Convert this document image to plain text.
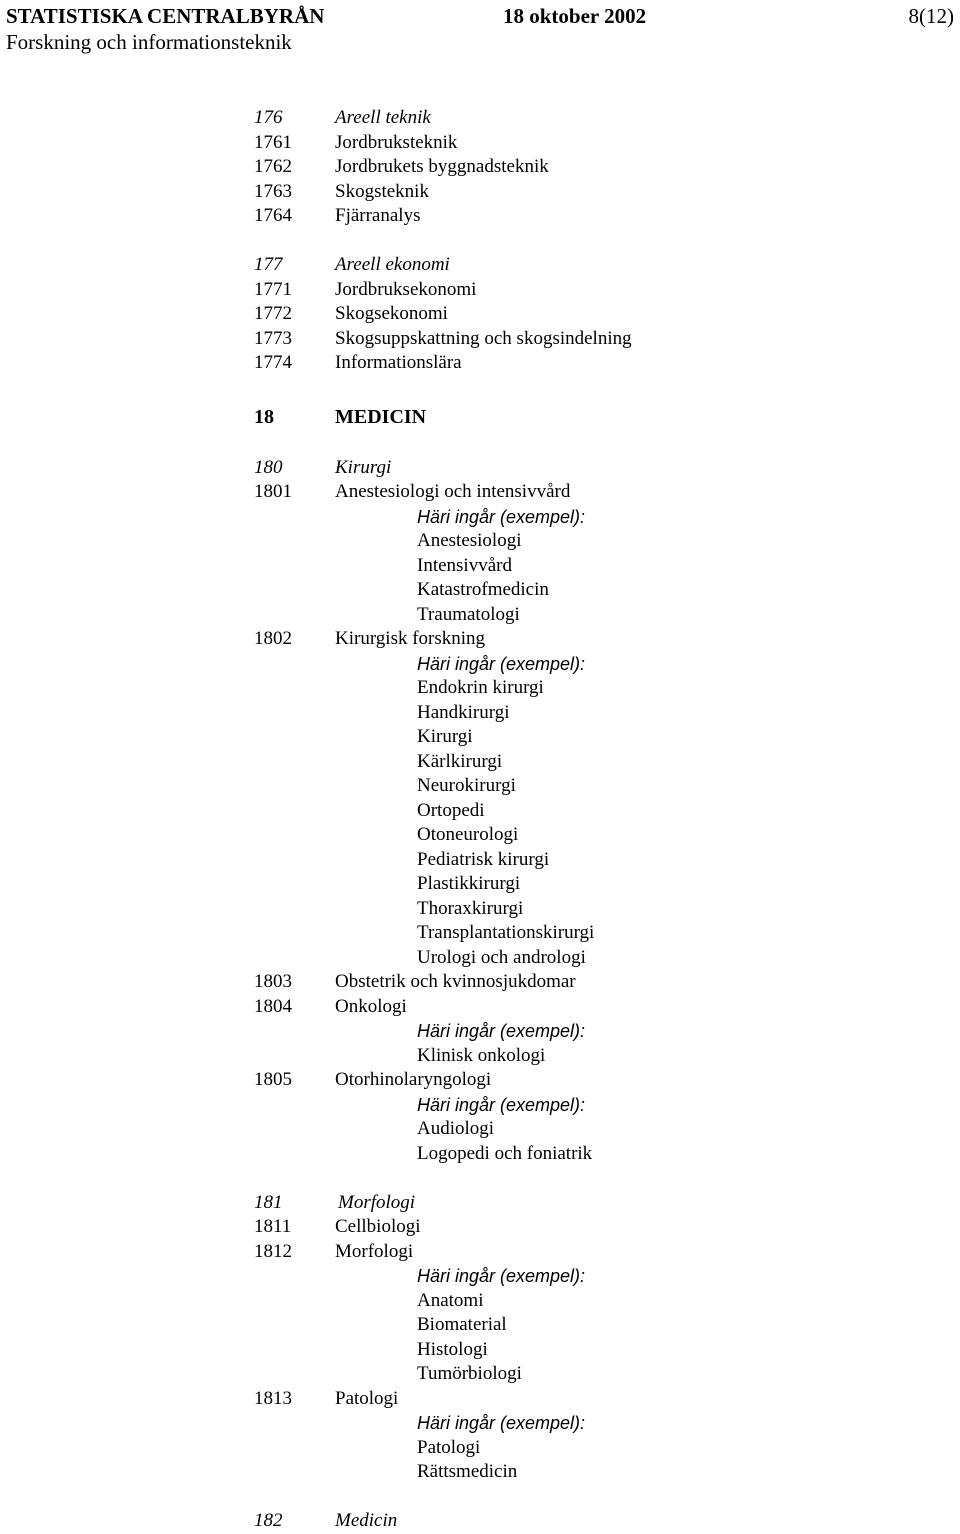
STATISTISKA CENTRALBYRÅN	18 oktober 2002	8(12)
Forskning och informationsteknik
176	Areell teknik
1761 Jordbruksteknik
1762 Jordbrukets byggnadsteknik
1763 Skogsteknik
1764 Fjärranalys
177	Areell ekonomi
1771 Jordbruksekonomi
1772 Skogsekonomi
1773 Skogsuppskattning och skogsindelning
1774 Informationslära
18	MEDICIN
180	Kirurgi
1801 Anestesiologi och intensivvård
Häri ingår (exempel):
Anestesiologi
Intensivvård
Katastrofmedicin
Traumatologi
1802 Kirurgisk forskning
Häri ingår (exempel):
Endokrin kirurgi
Handkirurgi
Kirurgi
Kärlkirurgi
Neurokirurgi
Ortopedi
Otoneurologi
Pediatrisk kirurgi
Plastikkirurgi
Thoraxkirurgi
Transplantationskirurgi
Urologi och andrologi
1803 Obstetrik och kvinnosjukdomar
1804 Onkologi
Häri ingår (exempel):
Klinisk onkologi
1805 Otorhinolaryngologi
Häri ingår (exempel):
Audiologi
Logopedi och foniatrik
181	Morfologi
1811 Cellbiologi
1812 Morfologi
Häri ingår (exempel):
Anatomi
Biomaterial
Histologi
Tumörbiologi
1813 Patologi
Häri ingår (exempel):
Patologi
Rättsmedicin
182	Medicin
